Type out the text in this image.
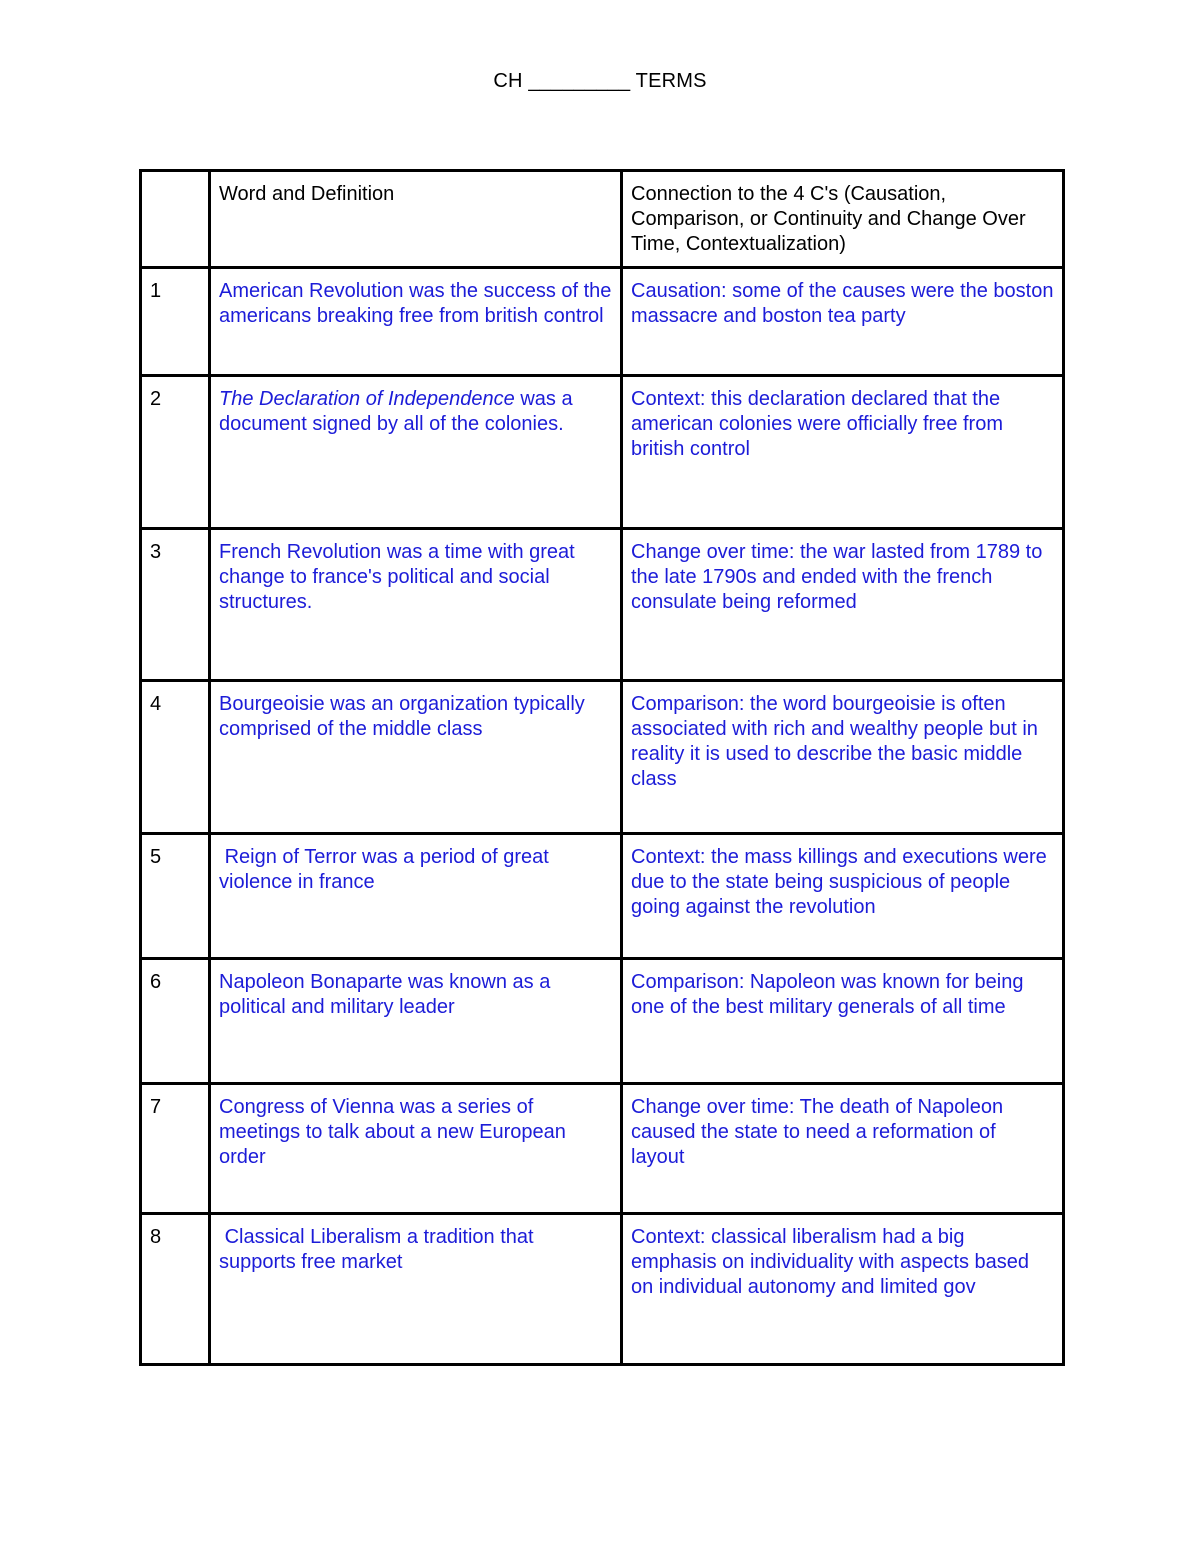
CH _________ TERMS
	Word and Definition	Connection to the 4 C's (Causation, Comparison, or Continuity and Change Over Time, Contextualization)
1	American Revolution was the success of the americans breaking free from british control	Causation: some of the causes were the boston massacre and boston tea party
2	The Declaration of Independence was a document signed by all of the colonies.	Context: this declaration declared that the american colonies were officially free from british control
3	French Revolution was a time with great change to france's political and social structures.	Change over time: the war lasted from 1789 to the late 1790s and ended with the french consulate being reformed
4	Bourgeoisie was an organization typically comprised of the middle class	Comparison: the word bourgeoisie is often associated with rich and wealthy people but in reality it is used to describe the basic middle class
5	Reign of Terror was a period of great violence in france	Context: the mass killings and executions were due to the state being suspicious of people going against the revolution
6	Napoleon Bonaparte was known as a political and military leader	Comparison: Napoleon was known for being one of the best military generals of all time
7	Congress of Vienna was a series of meetings to talk about a new European order	Change over time: The death of Napoleon caused the state to need a reformation of layout
8	Classical Liberalism a tradition that supports free market	Context: classical liberalism had a big emphasis on individuality with aspects based on individual autonomy and limited gov
